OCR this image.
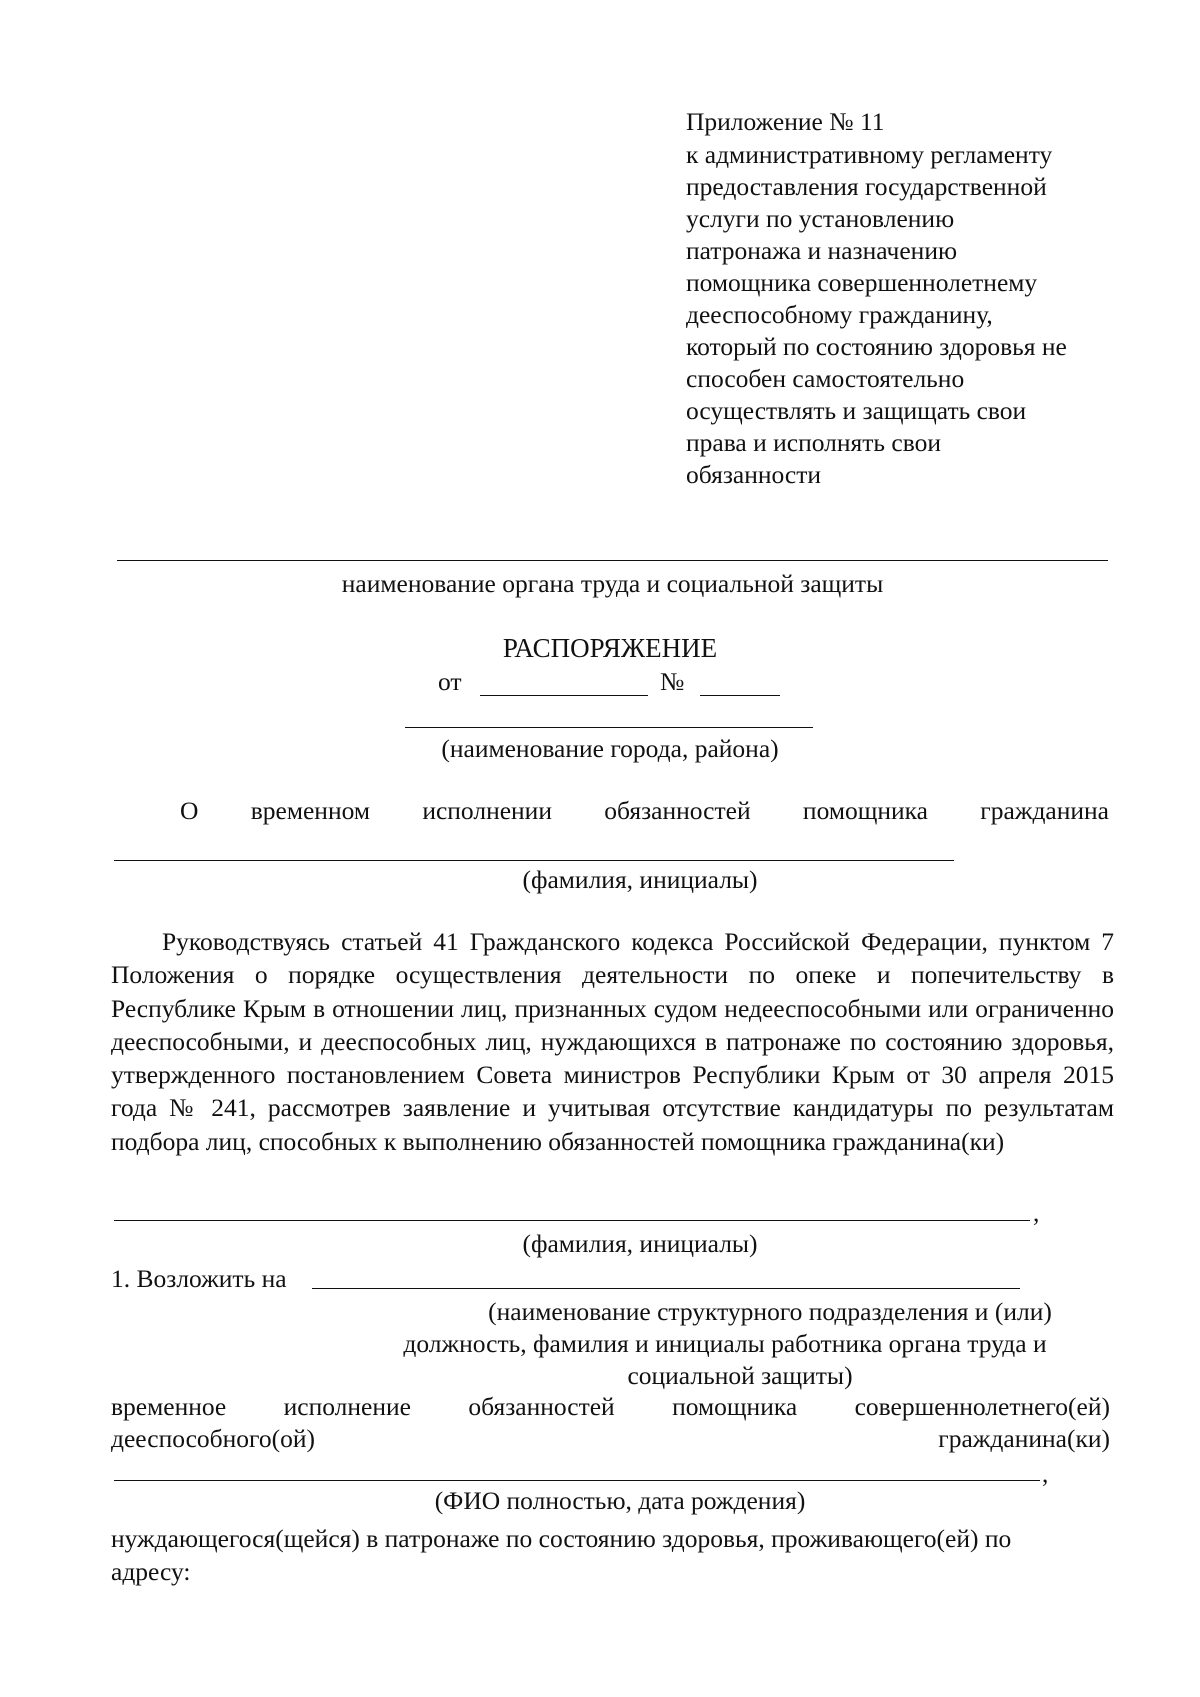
Приложение № 11
к административному регламенту
предоставления государственной
услуги по установлению
патронажа и назначению
помощника совершеннолетнему
дееспособному гражданину,
который по состоянию здоровья не
способен самостоятельно
осуществлять и защищать свои
права и исполнять свои
обязанности
наименование органа труда и социальной защиты
РАСПОРЯЖЕНИЕ
от	№
(наименование города, района)
О временном исполнении обязанностей помощника гражданина
(фамилия, инициалы)
Руководствуясь статьей 41 Гражданского кодекса Российской Федерации, пунктом 7 Положения о порядке осуществления деятельности по опеке и попечительству в Республике Крым в отношении лиц, признанных судом недееспособными или ограниченно дееспособными, и дееспособных лиц, нуждающихся в патронаже по состоянию здоровья, утвержденного постановлением Совета министров Республики Крым от 30 апреля 2015 года № 241, рассмотрев заявление и учитывая отсутствие кандидатуры по результатам подбора лиц, способных к выполнению обязанностей помощника гражданина(ки)
,
(фамилия, инициалы)
1. Возложить на
(наименование структурного подразделения и (или)
должность, фамилия и инициалы работника органа труда и
социальной защиты)
временное исполнение обязанностей помощника совершеннолетнего(ей)
дееспособного(ой)	гражданина(ки)
,
(ФИО полностью, дата рождения)
нуждающегося(щейся) в патронаже по состоянию здоровья, проживающего(ей) по
адресу:
